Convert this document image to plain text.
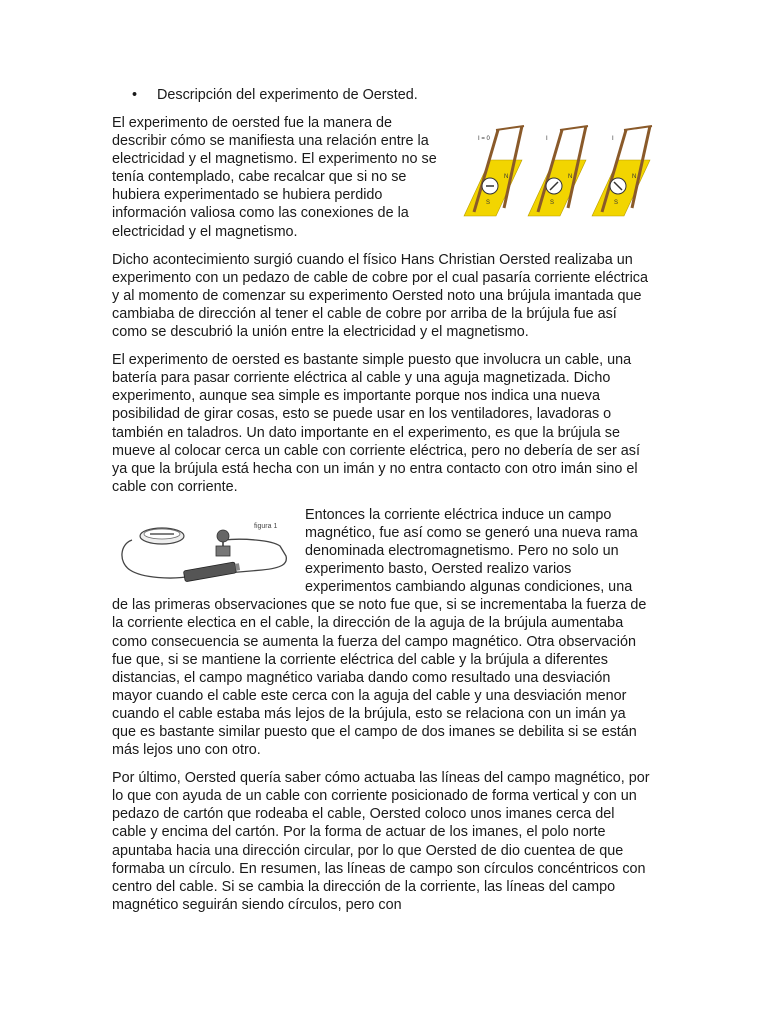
• Descripción del experimento de Oersted.

I = 0
N
S
I
N
S
I
N
S
El experimento de oersted fue la manera de describir cómo se manifiesta una relación entre la electricidad y el magnetismo. El experimento no se tenía contemplado, cabe recalcar que si no se hubiera experimentado se hubiera perdido información valiosa como las conexiones de la electricidad y el magnetismo.

Dicho acontecimiento surgió cuando el físico Hans Christian Oersted realizaba un experimento con un pedazo de cable de cobre por el cual pasaría corriente eléctrica y al momento de comenzar su experimento Oersted noto una brújula imantada que cambiaba de dirección al tener el cable de cobre por arriba de la brújula fue así como se descubrió la unión entre la electricidad y el magnetismo.

El experimento de oersted es bastante simple puesto que involucra un cable, una batería para pasar corriente eléctrica al cable y una aguja magnetizada. Dicho experimento, aunque sea simple es importante porque nos indica una nueva posibilidad de girar cosas, esto se puede usar en los ventiladores, lavadoras o también en taladros. Un dato importante en el experimento, es que la brújula se mueve al colocar cerca un cable con corriente eléctrica, pero no debería de ser así ya que la brújula está hecha con un imán y no entra contacto con otro imán sino el cable con corriente.

figura 1
Entonces la corriente eléctrica induce un campo magnético, fue así como se generó una nueva rama denominada electromagnetismo. Pero no solo un experimento basto, Oersted realizo varios experimentos cambiando algunas condiciones, una de las primeras observaciones que se noto fue que, si se incrementaba la fuerza de la corriente electica en el cable, la dirección de la aguja de la brújula aumentaba como consecuencia se aumenta la fuerza del campo magnético. Otra observación fue que, si se mantiene la corriente eléctrica del cable y la brújula a diferentes distancias, el campo magnético variaba dando como resultado una desviación mayor cuando el cable este cerca con la aguja del cable y una desviación menor cuando el cable estaba más lejos de la brújula, esto se relaciona con un imán ya que es bastante similar puesto que el campo de dos imanes se debilita si se están más lejos uno con otro.

Por último, Oersted quería saber cómo actuaba las líneas del campo magnético, por lo que con ayuda de un cable con corriente posicionado de forma vertical y con un pedazo de cartón que rodeaba el cable, Oersted coloco unos imanes cerca del cable y encima del cartón. Por la forma de actuar de los imanes, el polo norte apuntaba hacia una dirección circular, por lo que Oersted de dio cuentea de que formaba un círculo. En resumen, las líneas de campo son círculos concéntricos con centro del cable. Si se cambia la dirección de la corriente, las líneas del campo magnético seguirán siendo círculos, pero con
